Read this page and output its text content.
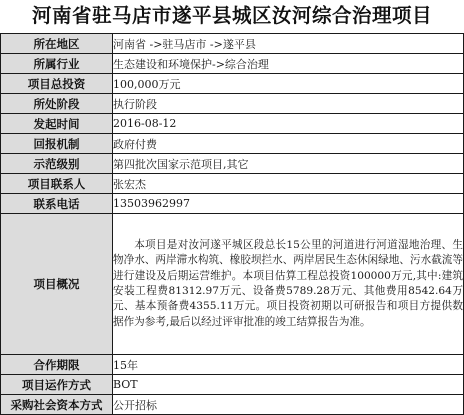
河南省驻马店市遂平县城区汝河综合治理项目
所在地区	河南省 ->驻马店市 ->遂平县
所属行业	生态建设和环境保护->综合治理
项目总投资	100,000万元
所处阶段	执行阶段
发起时间	2016-08-12
回报机制	政府付费
示范级别	第四批次国家示范项目,其它
项目联系人	张宏杰
联系电话	13503962997
项目概况	本项目是对汝河遂平城区段总长15公里的河道进行河道湿地治理、生物净水、两岸滞水构筑、橡胶坝拦水、两岸居民生态休闲绿地、污水截流等进行建设及后期运营维护。本项目估算工程总投资100000万元,其中:建筑安装工程费81312.97万元、设备费5789.28万元、其他费用8542.64万元、基本预备费4355.11万元。项目投资初期以可研报告和项目方提供数据作为参考,最后以经过评审批准的竣工结算报告为准。

合作期限	15年
项目运作方式	BOT
采购社会资本方式	公开招标
